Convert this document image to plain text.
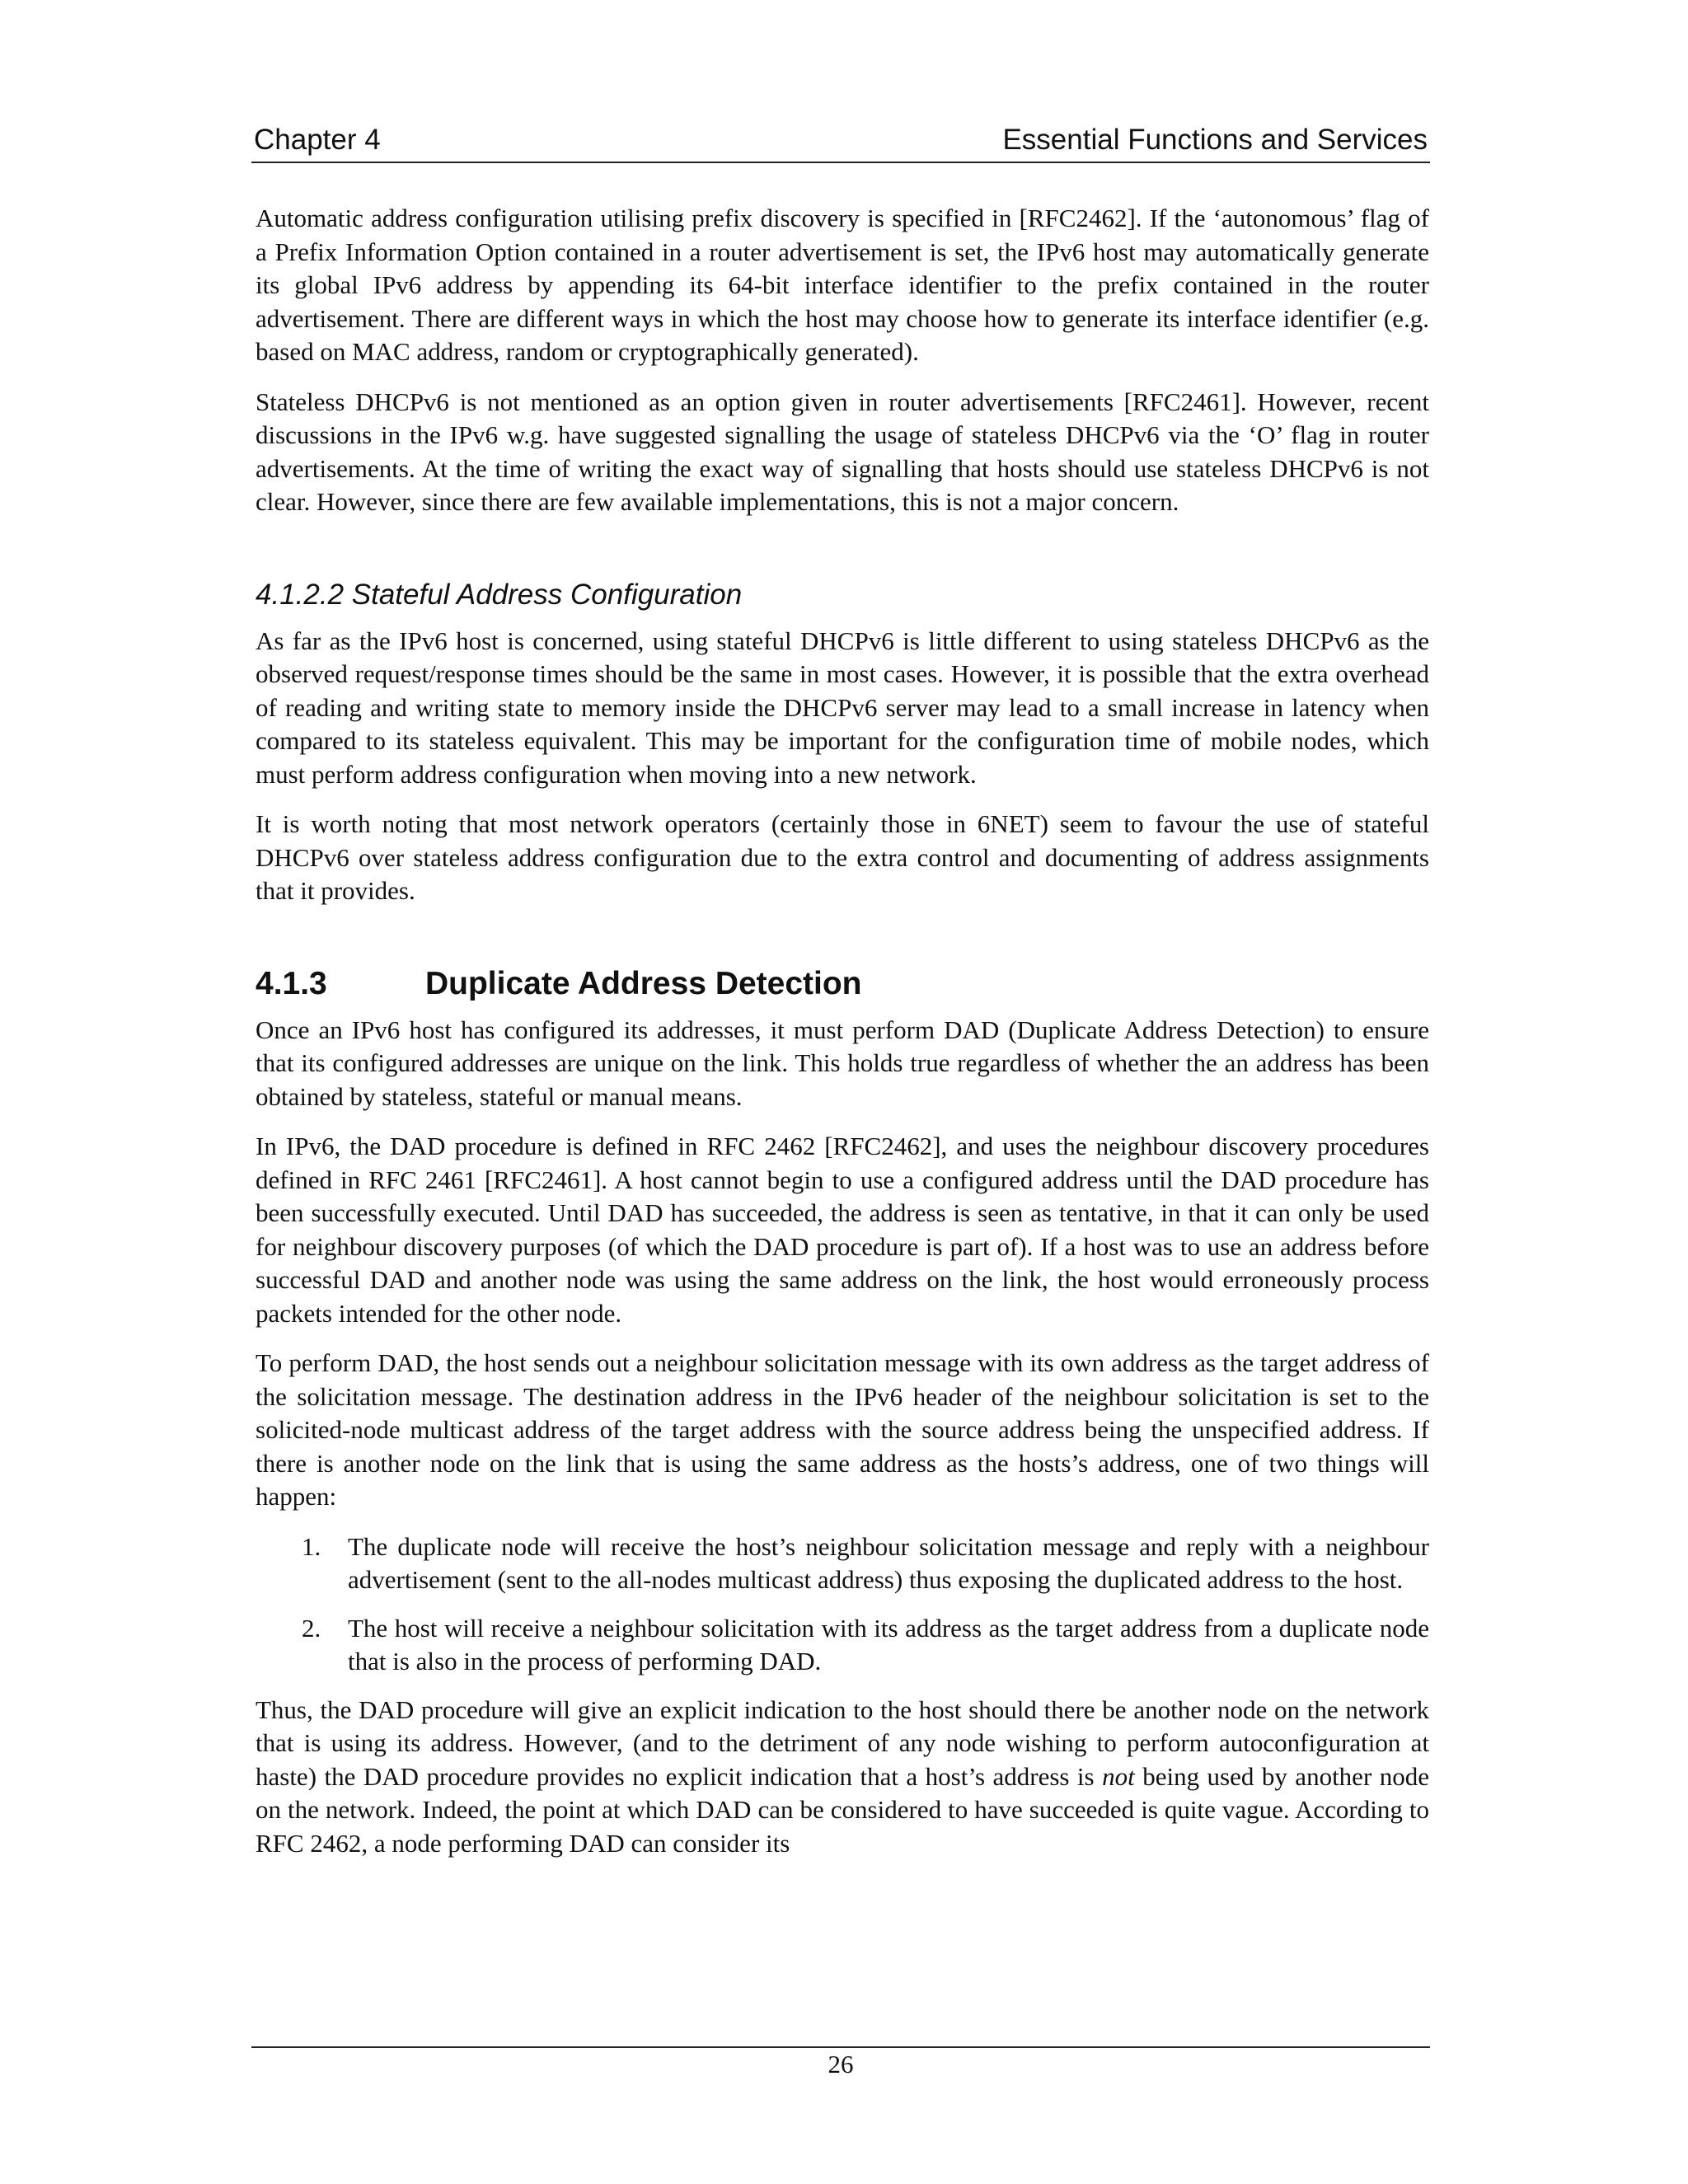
Chapter 4	Essential Functions and Services

Automatic address configuration utilising prefix discovery is specified in [RFC2462]. If the ‘autonomous’ flag of a Prefix Information Option contained in a router advertisement is set, the IPv6 host may automatically generate its global IPv6 address by appending its 64-bit interface identifier to the prefix contained in the router advertisement. There are different ways in which the host may choose how to generate its interface identifier (e.g. based on MAC address, random or cryptographically generated).

Stateless DHCPv6 is not mentioned as an option given in router advertisements [RFC2461]. However, recent discussions in the IPv6 w.g. have suggested signalling the usage of stateless DHCPv6 via the ‘O’ flag in router advertisements. At the time of writing the exact way of signalling that hosts should use stateless DHCPv6 is not clear. However, since there are few available implementations, this is not a major concern.

4.1.2.2 Stateful Address Configuration

As far as the IPv6 host is concerned, using stateful DHCPv6 is little different to using stateless DHCPv6 as the observed request/response times should be the same in most cases. However, it is possible that the extra overhead of reading and writing state to memory inside the DHCPv6 server may lead to a small increase in latency when compared to its stateless equivalent. This may be important for the configuration time of mobile nodes, which must perform address configuration when moving into a new network.

It is worth noting that most network operators (certainly those in 6NET) seem to favour the use of stateful DHCPv6 over stateless address configuration due to the extra control and documenting of address assignments that it provides.

4.1.3	Duplicate Address Detection

Once an IPv6 host has configured its addresses, it must perform DAD (Duplicate Address Detection) to ensure that its configured addresses are unique on the link. This holds true regardless of whether the an address has been obtained by stateless, stateful or manual means.

In IPv6, the DAD procedure is defined in RFC 2462 [RFC2462], and uses the neighbour discovery procedures defined in RFC 2461 [RFC2461]. A host cannot begin to use a configured address until the DAD procedure has been successfully executed. Until DAD has succeeded, the address is seen as tentative, in that it can only be used for neighbour discovery purposes (of which the DAD procedure is part of). If a host was to use an address before successful DAD and another node was using the same address on the link, the host would erroneously process packets intended for the other node.

To perform DAD, the host sends out a neighbour solicitation message with its own address as the target address of the solicitation message. The destination address in the IPv6 header of the neighbour solicitation is set to the solicited-node multicast address of the target address with the source address being the unspecified address. If there is another node on the link that is using the same address as the hosts’s address, one of two things will happen:

1. The duplicate node will receive the host’s neighbour solicitation message and reply with a neighbour advertisement (sent to the all-nodes multicast address) thus exposing the duplicated address to the host.
2. The host will receive a neighbour solicitation with its address as the target address from a duplicate node that is also in the process of performing DAD.

Thus, the DAD procedure will give an explicit indication to the host should there be another node on the network that is using its address. However, (and to the detriment of any node wishing to perform autoconfiguration at haste) the DAD procedure provides no explicit indication that a host’s address is not being used by another node on the network. Indeed, the point at which DAD can be considered to have succeeded is quite vague. According to RFC 2462, a node performing DAD can consider its

26
